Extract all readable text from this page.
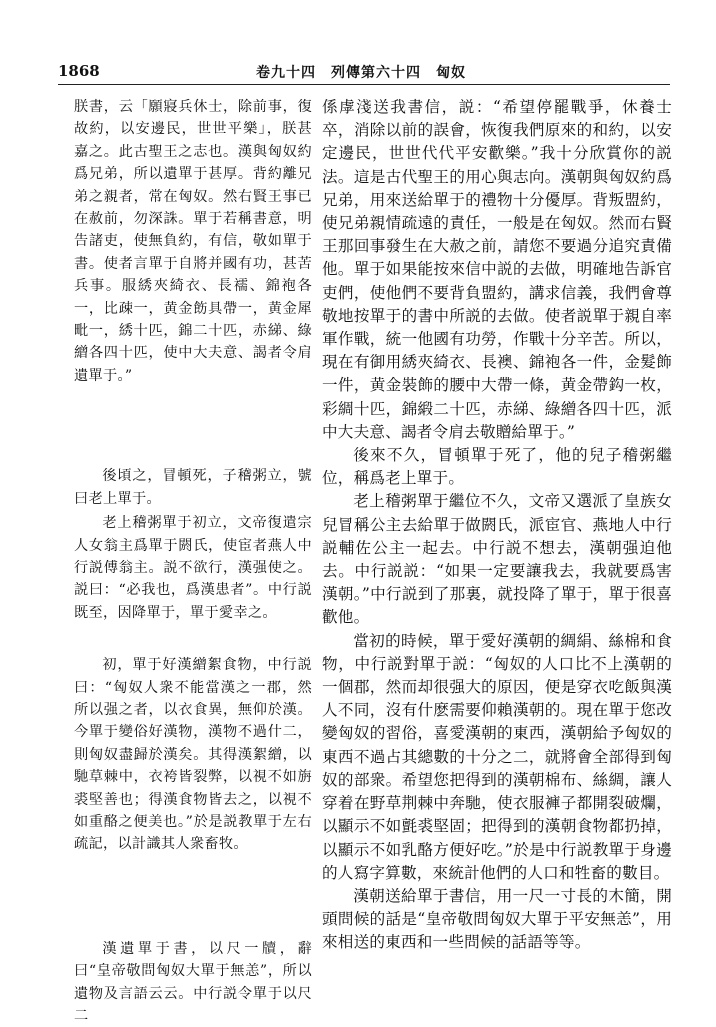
1868	卷九十四　列傳第六十四　匈奴

朕書，云「願寢兵休士，除前事，復故約，以安邊民，世世平樂」，朕甚嘉之。此古聖王之志也。漢與匈奴約爲兄弟，所以遺單于甚厚。背約離兄弟之親者，常在匈奴。然右賢王事已在赦前，勿深誅。單于若稱書意，明告諸吏，使無負約，有信，敬如單于書。使者言單于自將并國有功，甚苦兵事。服綉夾綺衣、長襦、錦袍各一，比疎一，黄金飭具帶一，黄金犀毗一，綉十匹，錦二十匹，赤綈、綠繒各四十匹，使中大夫意、謁者令肩遺單于。”

後頃之，冒頓死，子稽粥立，號曰老上單于。

老上稽粥單于初立，文帝復遣宗人女翁主爲單于閼氏，使宦者燕人中行説傅翁主。説不欲行，漢强使之。説曰：“必我也，爲漢患者”。中行説既至，因降單于，單于愛幸之。

初，單于好漢繒絮食物，中行説曰：“匈奴人衆不能當漢之一郡，然所以强之者，以衣食異，無仰於漢。今單于變俗好漢物，漢物不過什二，則匈奴盡歸於漢矣。其得漢絮繒，以馳草棘中，衣袴皆裂弊，以視不如旃裘堅善也；得漢食物皆去之，以視不如重酪之便美也。”於是説教單于左右疏記，以計識其人衆畜牧。

漢遺單于書，以尺一牘，辭曰“皇帝敬問匈奴大單于無恙”，所以遺物及言語云云。中行説令單于以尺二

係虖淺送我書信，説：“希望停罷戰爭，休養士卒，消除以前的誤會，恢復我們原來的和約，以安定邊民，世世代代平安歡樂。”我十分欣賞你的説法。這是古代聖王的用心與志向。漢朝與匈奴約爲兄弟，用來送給單于的禮物十分優厚。背叛盟約，使兄弟親情疏遠的責任，一般是在匈奴。然而右賢王那回事發生在大赦之前，請您不要過分追究責備他。單于如果能按來信中説的去做，明確地告訴官吏們，使他們不要背負盟約，講求信義，我們會尊敬地按單于的書中所説的去做。使者説單于親自率軍作戰，統一他國有功勞，作戰十分辛苦。所以，現在有御用綉夾綺衣、長襖、錦袍各一件，金髮飾一件，黄金裝飾的腰中大帶一條，黄金帶鈎一枚，彩綢十匹，錦緞二十匹，赤綈、綠繒各四十匹，派中大夫意、謁者令肩去敬贈給單于。”

後來不久，冒頓單于死了，他的兒子稽粥繼位，稱爲老上單于。

老上稽粥單于繼位不久，文帝又選派了皇族女兒冒稱公主去給單于做閼氏，派宦官、燕地人中行説輔佐公主一起去。中行説不想去，漢朝强迫他去。中行説説：“如果一定要讓我去，我就要爲害漢朝。”中行説到了那裏，就投降了單于，單于很喜歡他。

當初的時候，單于愛好漢朝的綢絹、絲棉和食物，中行説對單于説：“匈奴的人口比不上漢朝的一個郡，然而却很强大的原因，便是穿衣吃飯與漢人不同，沒有什麽需要仰賴漢朝的。現在單于您改變匈奴的習俗，喜愛漢朝的東西，漢朝給予匈奴的東西不過占其總數的十分之二，就將會全部得到匈奴的部衆。希望您把得到的漢朝棉布、絲綢，讓人穿着在野草荆棘中奔馳，使衣服褲子都開裂破爛，以顯示不如氈裘堅固；把得到的漢朝食物都扔掉，以顯示不如乳酪方便好吃。”於是中行説教單于身邊的人寫字算數，來統計他們的人口和牲畜的數目。

漢朝送給單于書信，用一尺一寸長的木簡，開頭問候的話是“皇帝敬問匈奴大單于平安無恙”，用來相送的東西和一些問候的話語等等。
